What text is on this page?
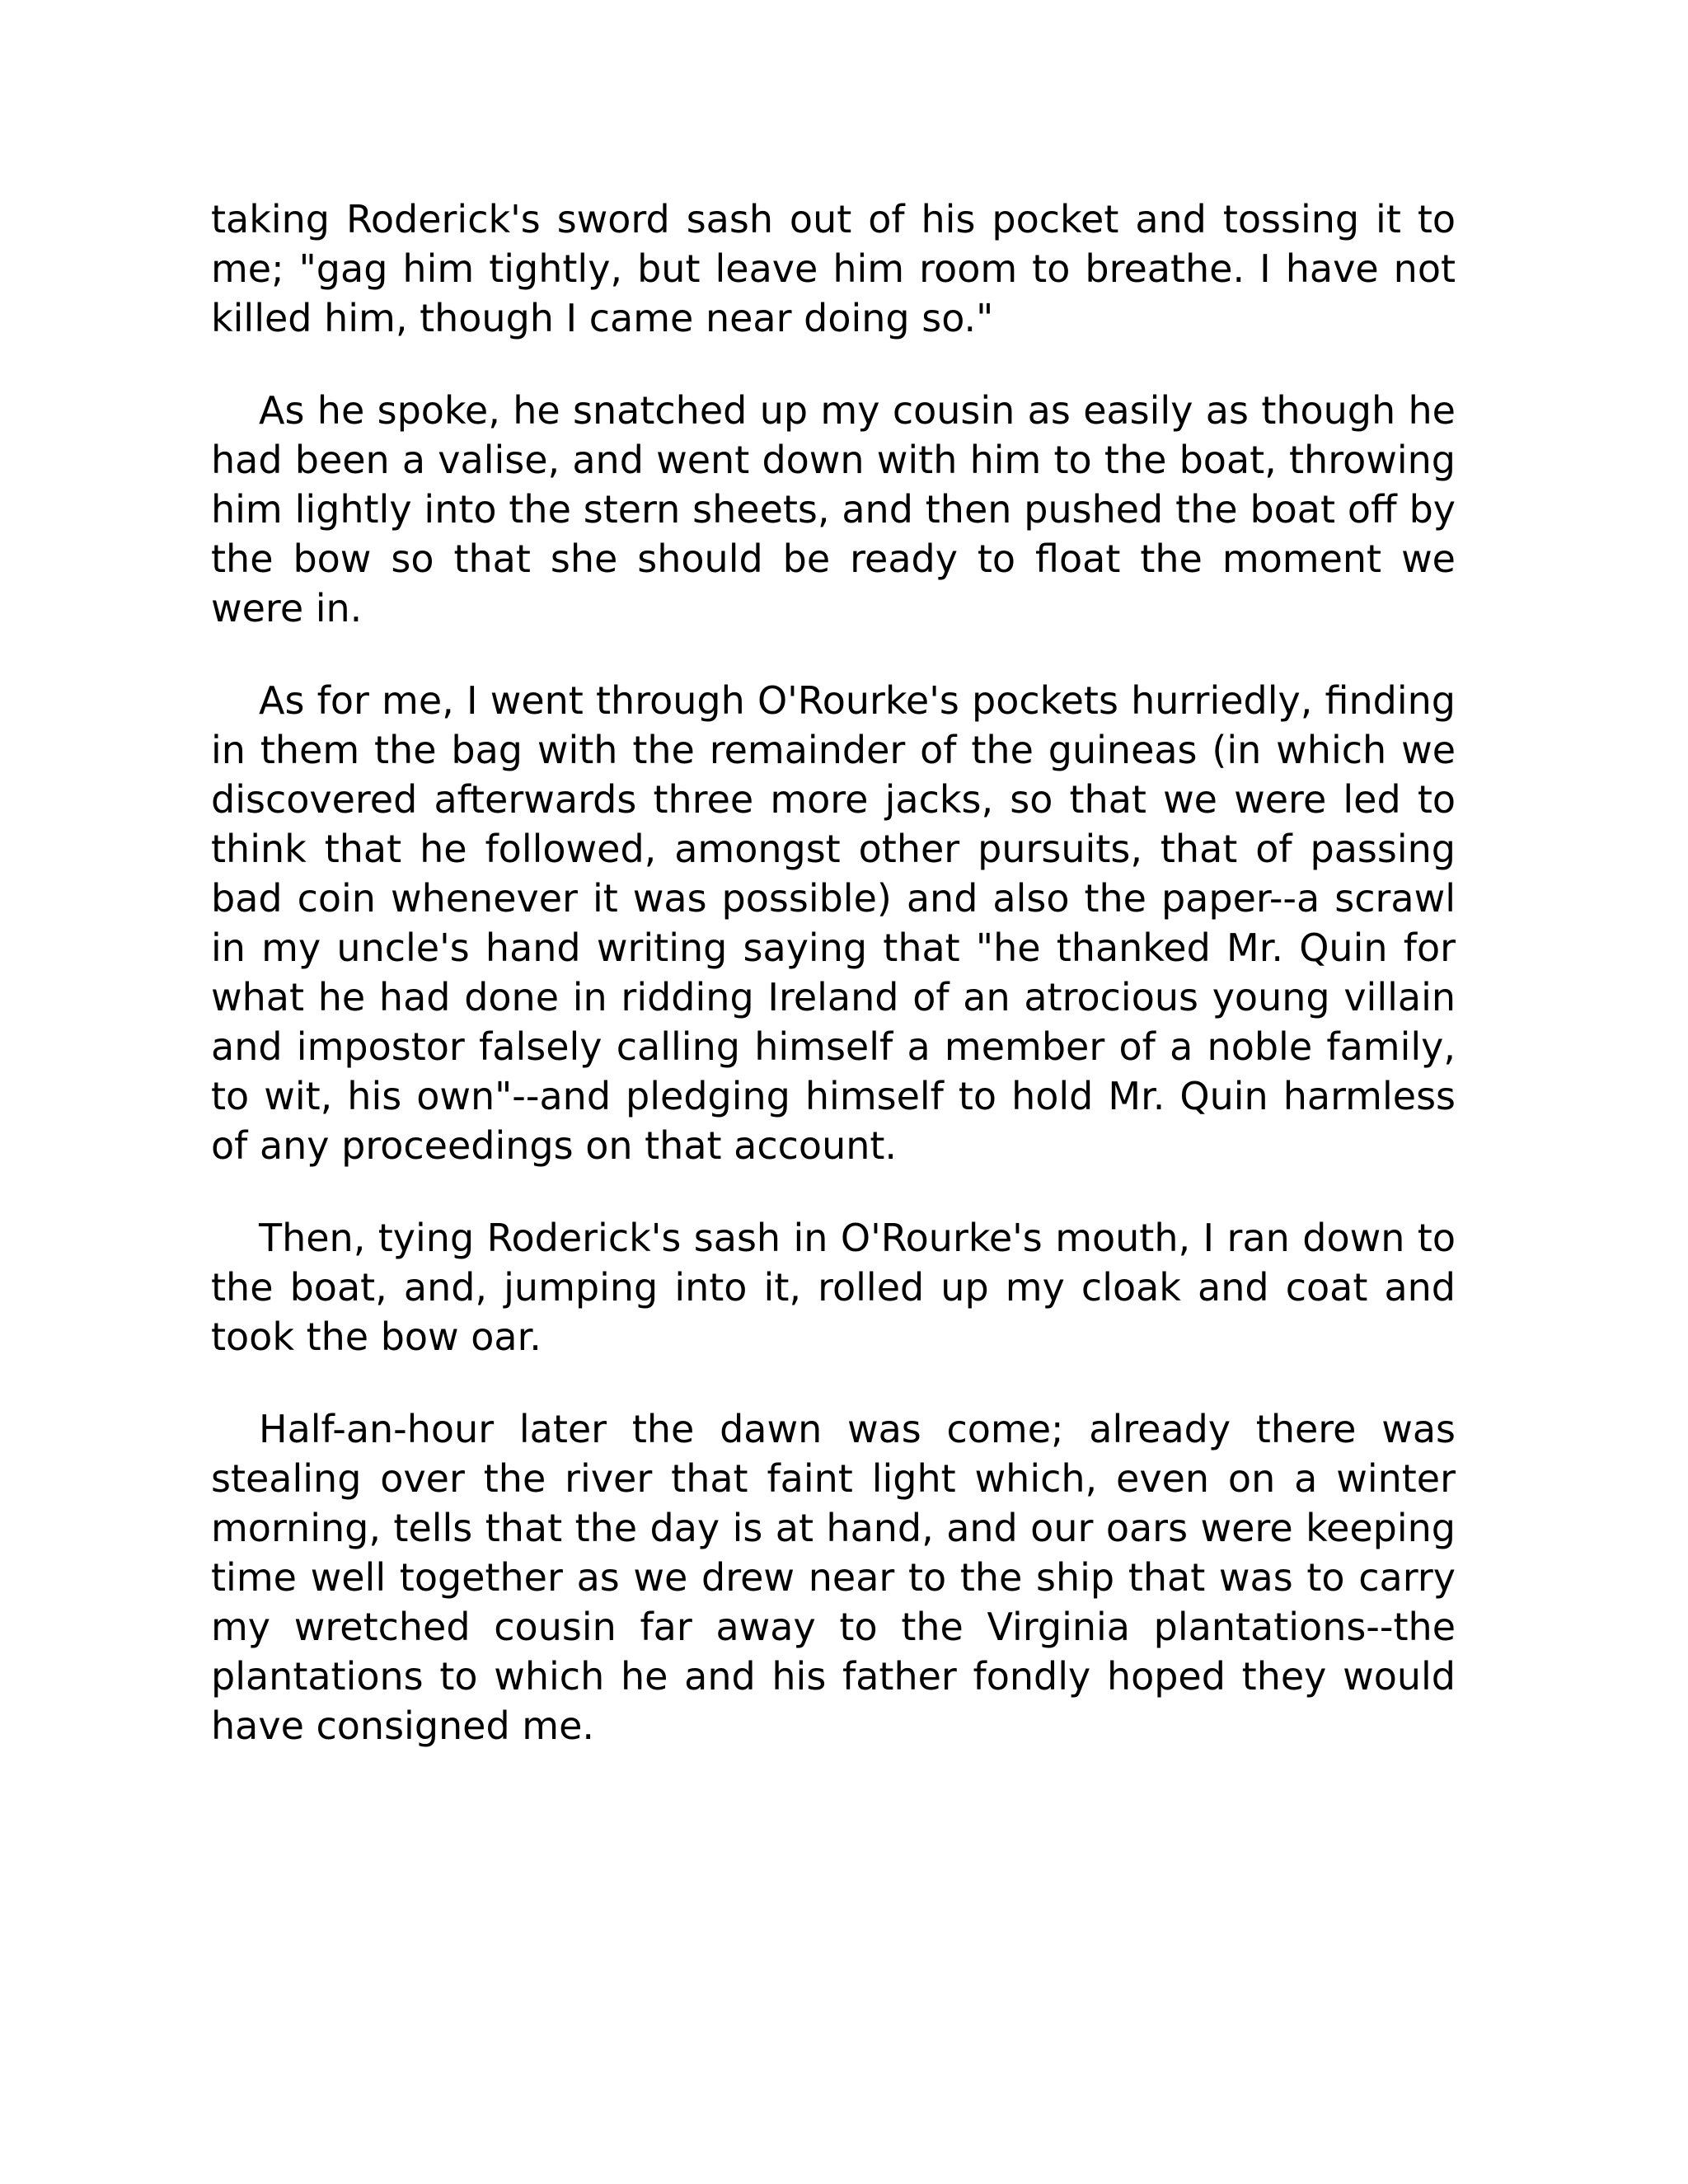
taking Roderick's sword sash out of his pocket and tossing it to me; "gag him tightly, but leave him room to breathe. I have not killed him, though I came near doing so."

As he spoke, he snatched up my cousin as easily as though he had been a valise, and went down with him to the boat, throwing him lightly into the stern sheets, and then pushed the boat off by the bow so that she should be ready to float the moment we were in.

As for me, I went through O'Rourke's pockets hurriedly, finding in them the bag with the remainder of the guineas (in which we discovered afterwards three more jacks, so that we were led to think that he followed, amongst other pursuits, that of passing bad coin whenever it was possible) and also the paper--a scrawl in my uncle's hand writing saying that "he thanked Mr. Quin for what he had done in ridding Ireland of an atrocious young villain and impostor falsely calling himself a member of a noble family, to wit, his own"--and pledging himself to hold Mr. Quin harmless of any proceedings on that account.

Then, tying Roderick's sash in O'Rourke's mouth, I ran down to the boat, and, jumping into it, rolled up my cloak and coat and took the bow oar.

Half-an-hour later the dawn was come; already there was stealing over the river that faint light which, even on a winter morning, tells that the day is at hand, and our oars were keeping time well together as we drew near to the ship that was to carry my wretched cousin far away to the Virginia plantations--the plantations to which he and his father fondly hoped they would have consigned me.
